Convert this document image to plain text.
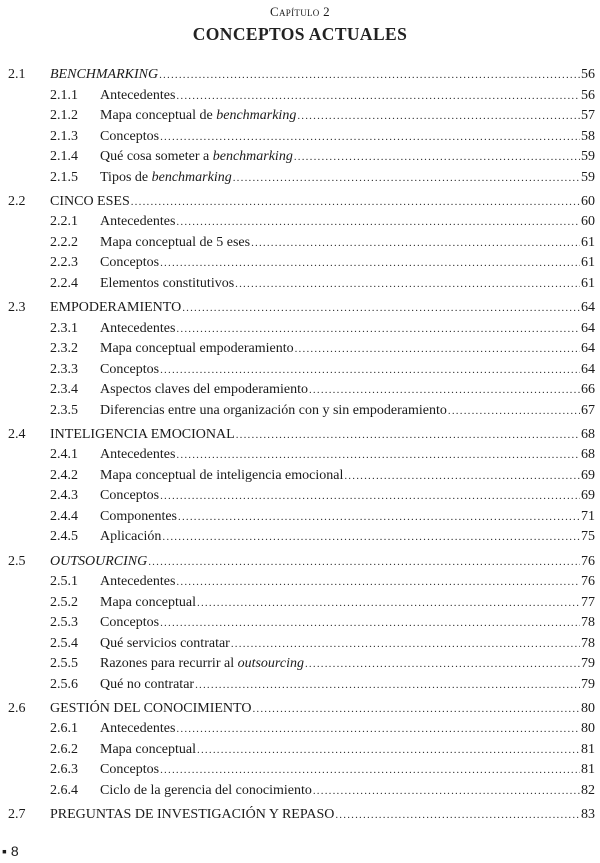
Capítulo 2
CONCEPTOS ACTUALES
2.1	BENCHMARKING .....	56
2.1.1	Antecedentes .....	56
2.1.2	Mapa conceptual de benchmarking .....	57
2.1.3	Conceptos .....	58
2.1.4	Qué cosa someter a benchmarking .....	59
2.1.5	Tipos de benchmarking .....	59
2.2	CINCO ESES .....	60
2.2.1	Antecedentes .....	60
2.2.2	Mapa conceptual de 5 eses .....	61
2.2.3	Conceptos .....	61
2.2.4	Elementos constitutivos .....	61
2.3	EMPODERAMIENTO .....	64
2.3.1	Antecedentes .....	64
2.3.2	Mapa conceptual empoderamiento .....	64
2.3.3	Conceptos .....	64
2.3.4	Aspectos claves del empoderamiento .....	66
2.3.5	Diferencias entre una organización con y sin empoderamiento .....	67
2.4	INTELIGENCIA EMOCIONAL .....	68
2.4.1	Antecedentes .....	68
2.4.2	Mapa conceptual de inteligencia emocional .....	69
2.4.3	Conceptos .....	69
2.4.4	Componentes .....	71
2.4.5	Aplicación .....	75
2.5	OUTSOURCING .....	76
2.5.1	Antecedentes .....	76
2.5.2	Mapa conceptual .....	77
2.5.3	Conceptos .....	78
2.5.4	Qué servicios contratar .....	78
2.5.5	Razones para recurrir al outsourcing .....	79
2.5.6	Qué no contratar .....	79
2.6	GESTIÓN DEL CONOCIMIENTO .....	80
2.6.1	Antecedentes .....	80
2.6.2	Mapa conceptual .....	81
2.6.3	Conceptos .....	81
2.6.4	Ciclo de la gerencia del conocimiento .....	82
2.7	PREGUNTAS DE INVESTIGACIÓN Y REPASO .....	83
▪ 8
